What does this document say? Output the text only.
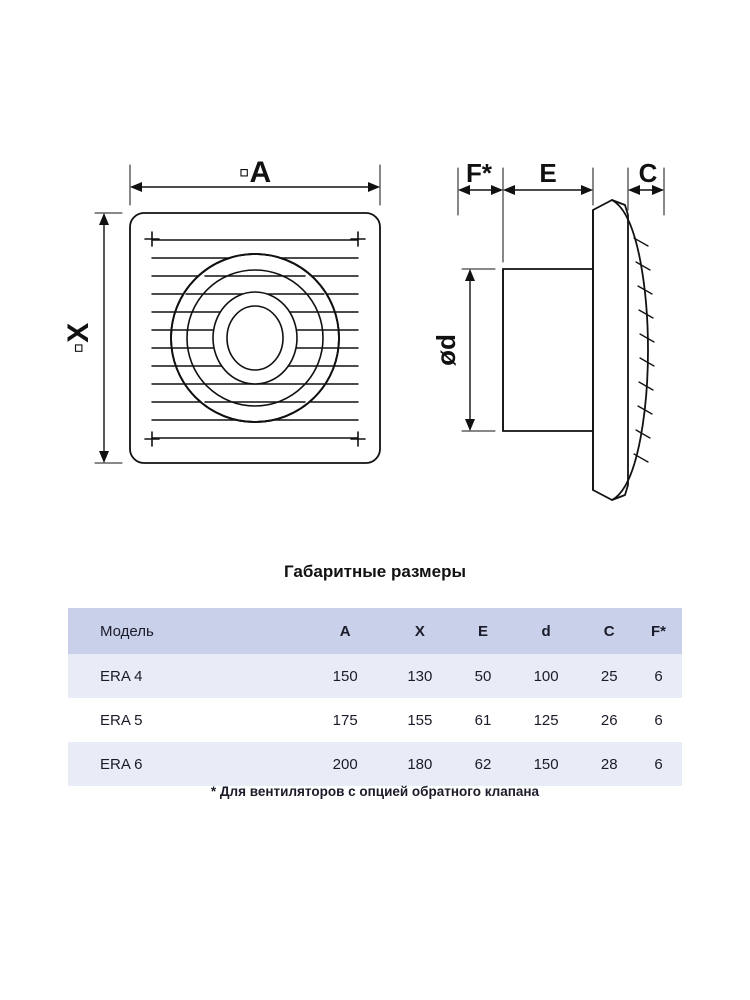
▫A
▫X
F* E	C
ød
Габаритные размеры
Модель	A	X	E	d	C	F*
ERA 4	150	130	50	100	25	6
ERA 5	175	155	61	125	26	6
ERA 6	200	180	62	150	28	6
* Для вентиляторов с опцией обратного клапана
